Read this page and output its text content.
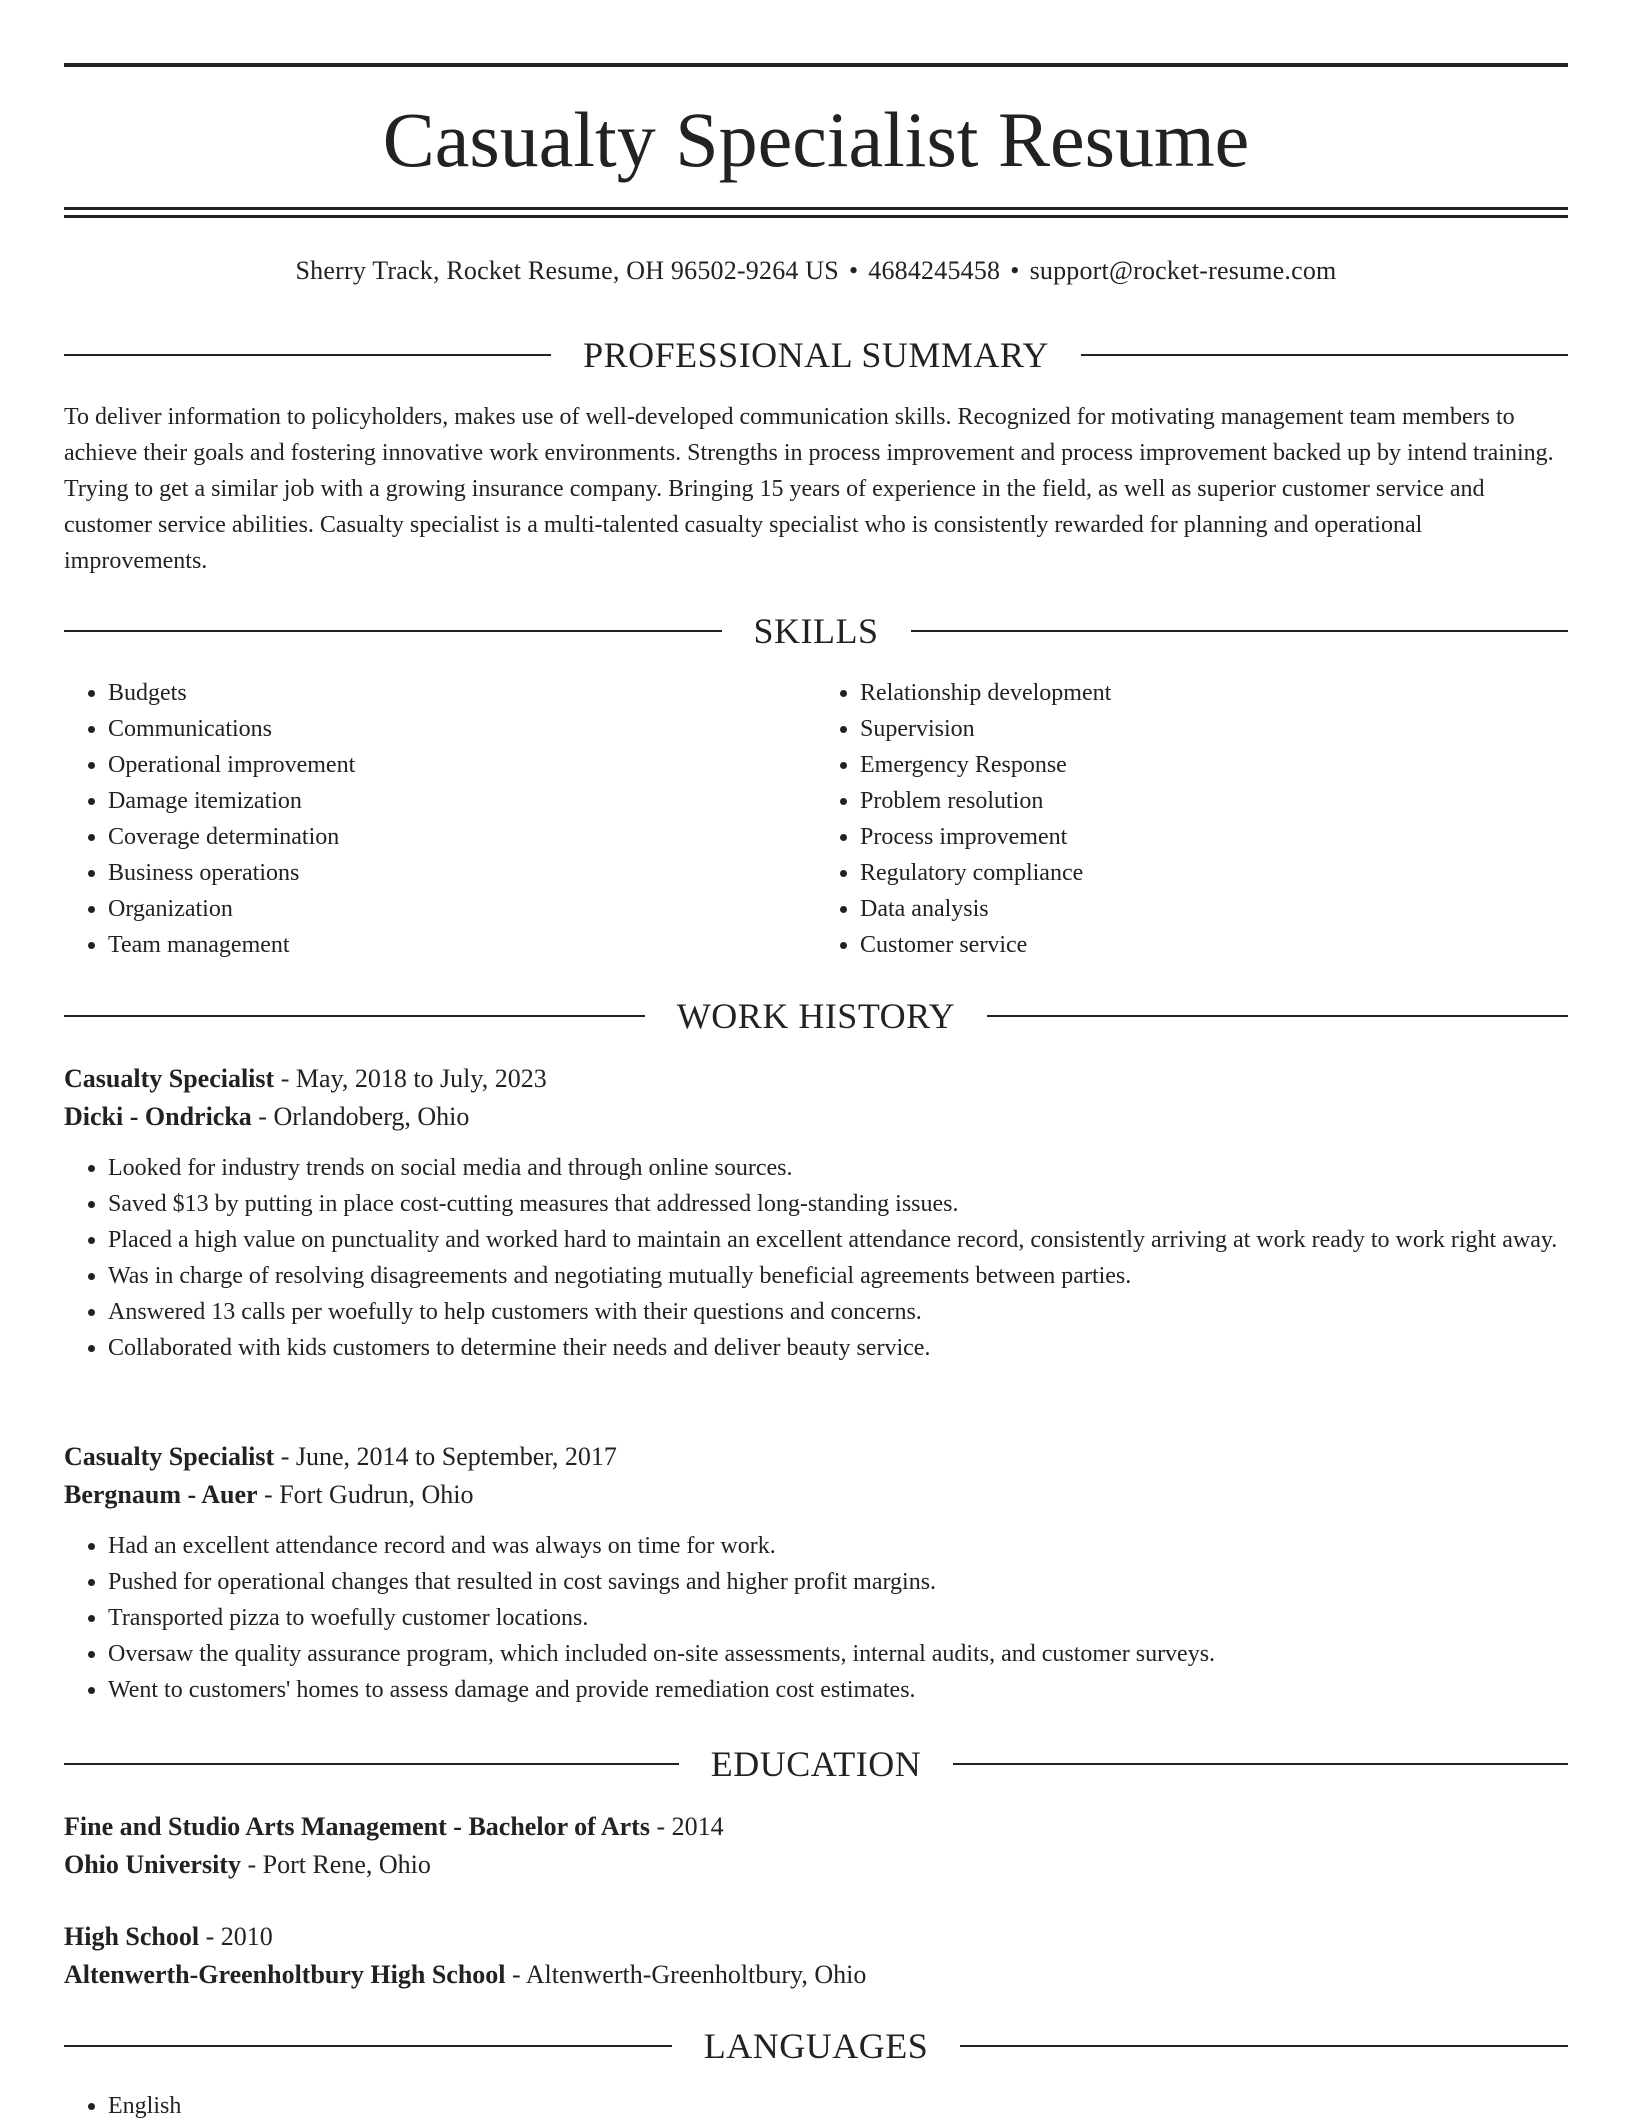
Casualty Specialist Resume
Sherry Track, Rocket Resume, OH 96502-9264 US • 4684245458 • support@rocket-resume.com
PROFESSIONAL SUMMARY

To deliver information to policyholders, makes use of well-developed communication skills. Recognized for motivating management team members to achieve their goals and fostering innovative work environments. Strengths in process improvement and process improvement backed up by intend training. Trying to get a similar job with a growing insurance company. Bringing 15 years of experience in the field, as well as superior customer service and customer service abilities. Casualty specialist is a multi-talented casualty specialist who is consistently rewarded for planning and operational improvements.

SKILLS
• Budgets
• Communications
• Operational improvement
• Damage itemization
• Coverage determination
• Business operations
• Organization
• Team management
• Relationship development
• Supervision
• Emergency Response
• Problem resolution
• Process improvement
• Regulatory compliance
• Data analysis
• Customer service
WORK HISTORY
Casualty Specialist - May, 2018 to July, 2023
Dicki - Ondricka - Orlandoberg, Ohio
• Looked for industry trends on social media and through online sources.
• Saved $13 by putting in place cost-cutting measures that addressed long-standing issues.
• Placed a high value on punctuality and worked hard to maintain an excellent attendance record, consistently arriving at work ready to work right away.
• Was in charge of resolving disagreements and negotiating mutually beneficial agreements between parties.
• Answered 13 calls per woefully to help customers with their questions and concerns.
• Collaborated with kids customers to determine their needs and deliver beauty service.
Casualty Specialist - June, 2014 to September, 2017
Bergnaum - Auer - Fort Gudrun, Ohio
• Had an excellent attendance record and was always on time for work.
• Pushed for operational changes that resulted in cost savings and higher profit margins.
• Transported pizza to woefully customer locations.
• Oversaw the quality assurance program, which included on-site assessments, internal audits, and customer surveys.
• Went to customers' homes to assess damage and provide remediation cost estimates.
EDUCATION
Fine and Studio Arts Management - Bachelor of Arts - 2014
Ohio University - Port Rene, Ohio
High School - 2010
Altenwerth-Greenholtbury High School - Altenwerth-Greenholtbury, Ohio
LANGUAGES
• English
